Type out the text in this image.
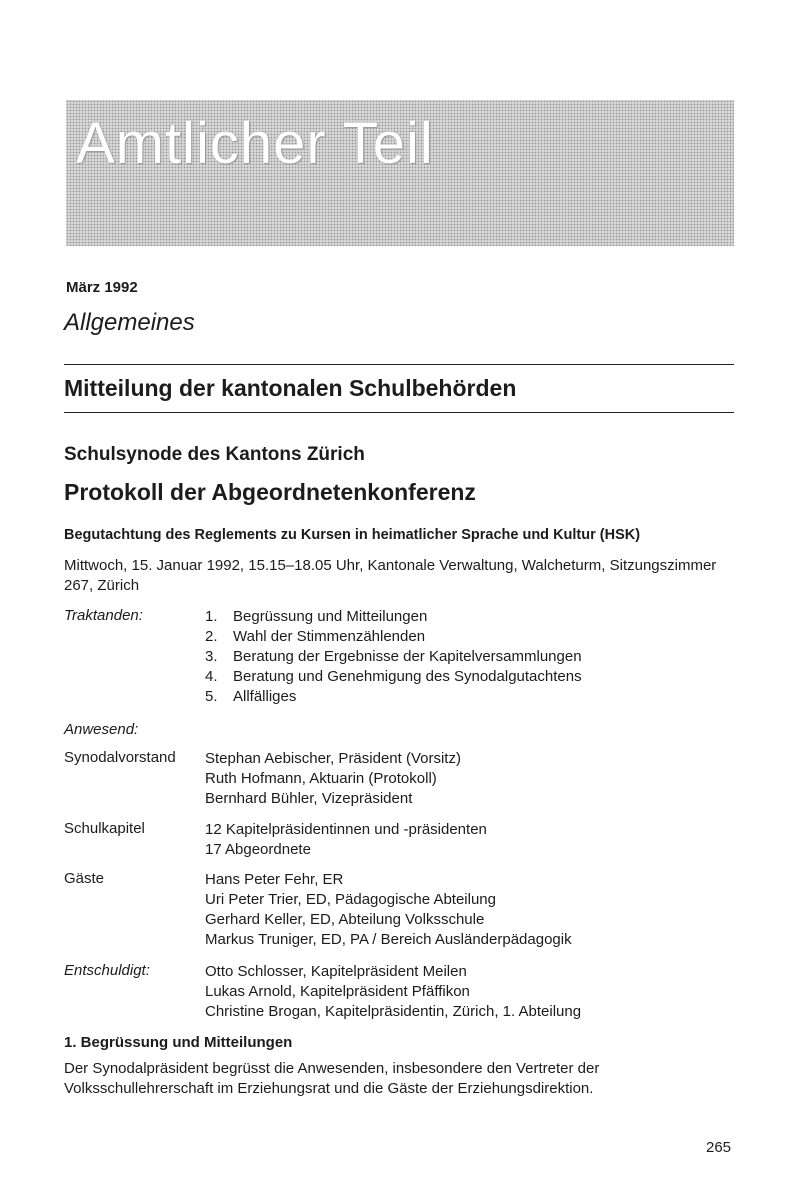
Amtlicher Teil
März 1992
Allgemeines
Mitteilung der kantonalen Schulbehörden
Schulsynode des Kantons Zürich
Protokoll der Abgeordnetenkonferenz
Begutachtung des Reglements zu Kursen in heimatlicher Sprache und Kultur (HSK)
Mittwoch, 15. Januar 1992, 15.15–18.05 Uhr, Kantonale Verwaltung, Walcheturm, Sitzungszimmer 267, Zürich
Traktanden:	1. Begrüssung und Mitteilungen
2. Wahl der Stimmenzählenden
3. Beratung der Ergebnisse der Kapitelversammlungen
4. Beratung und Genehmigung des Synodalgutachtens
5. Allfälliges
Anwesend:
Synodalvorstand Stephan Aebischer, Präsident (Vorsitz)
Ruth Hofmann, Aktuarin (Protokoll)
Bernhard Bühler, Vizepräsident
Schulkapitel	12 Kapitelpräsidentinnen und -präsidenten
17 Abgeordnete
Gäste	Hans Peter Fehr, ER
Uri Peter Trier, ED, Pädagogische Abteilung
Gerhard Keller, ED, Abteilung Volksschule
Markus Truniger, ED, PA / Bereich Ausländerpädagogik
Entschuldigt:	Otto Schlosser, Kapitelpräsident Meilen
Lukas Arnold, Kapitelpräsident Pfäffikon
Christine Brogan, Kapitelpräsidentin, Zürich, 1. Abteilung
1. Begrüssung und Mitteilungen
Der Synodalpräsident begrüsst die Anwesenden, insbesondere den Vertreter der Volksschullehrerschaft im Erziehungsrat und die Gäste der Erziehungsdirektion.
265
